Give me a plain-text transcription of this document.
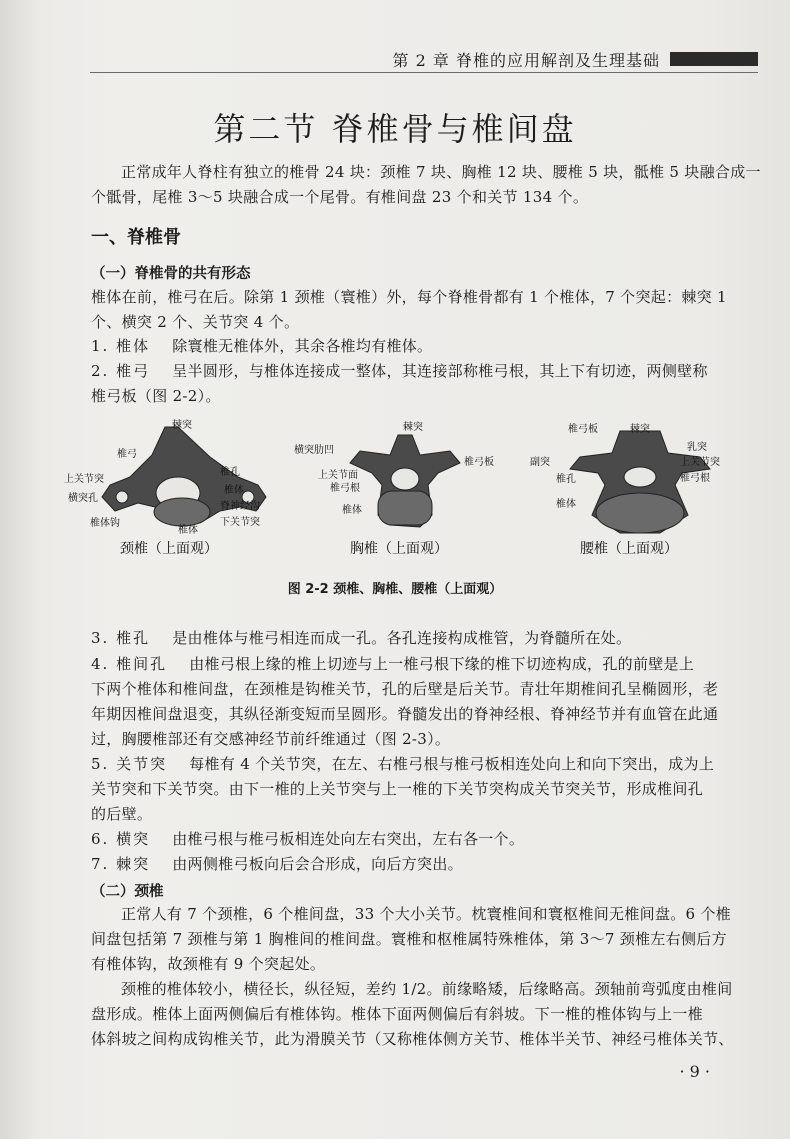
第 2 章 脊椎的应用解剖及生理基础
第二节 脊椎骨与椎间盘
正常成年人脊柱有独立的椎骨 24 块：颈椎 7 块、胸椎 12 块、腰椎 5 块，骶椎 5 块融合成一
个骶骨，尾椎 3～5 块融合成一个尾骨。有椎间盘 23 个和关节 134 个。
一、脊椎骨
（一）脊椎骨的共有形态
椎体在前，椎弓在后。除第 1 颈椎（寰椎）外，每个脊椎骨都有 1 个椎体，7 个突起：棘突 1
个、横突 2 个、关节突 4 个。
1. 椎体 除寰椎无椎体外，其余各椎均有椎体。
2. 椎弓 呈半圆形，与椎体连接成一整体，其连接部称椎弓根，其上下有切迹，两侧壁称
椎弓板（图 2-2）。
棘突
椎弓
上关节突
横突孔
椎体钩
椎孔
椎体
脊神经沟
下关节突
椎体
颈椎（上面观）
棘突
横突肋凹
上关节面
椎弓根
椎体
椎弓板
胸椎（上面观）
椎弓板	棘突
副突
乳突
上关节突
椎孔	椎弓根
椎体
腰椎（上面观）
图 2-2 颈椎、胸椎、腰椎（上面观）
3. 椎孔 是由椎体与椎弓相连而成一孔。各孔连接构成椎管，为脊髓所在处。
4. 椎间孔 由椎弓根上缘的椎上切迹与上一椎弓根下缘的椎下切迹构成，孔的前壁是上
下两个椎体和椎间盘，在颈椎是钩椎关节，孔的后壁是后关节。青壮年期椎间孔呈椭圆形，老
年期因椎间盘退变，其纵径渐变短而呈圆形。脊髓发出的脊神经根、脊神经节并有血管在此通
过，胸腰椎部还有交感神经节前纤维通过（图 2-3）。
5. 关节突 每椎有 4 个关节突，在左、右椎弓根与椎弓板相连处向上和向下突出，成为上
关节突和下关节突。由下一椎的上关节突与上一椎的下关节突构成关节突关节，形成椎间孔
的后壁。
6. 横突 由椎弓根与椎弓板相连处向左右突出，左右各一个。
7. 棘突 由两侧椎弓板向后会合形成，向后方突出。
（二）颈椎
正常人有 7 个颈椎，6 个椎间盘，33 个大小关节。枕寰椎间和寰枢椎间无椎间盘。6 个椎
间盘包括第 7 颈椎与第 1 胸椎间的椎间盘。寰椎和枢椎属特殊椎体，第 3～7 颈椎左右侧后方
有椎体钩，故颈椎有 9 个突起处。
颈椎的椎体较小，横径长，纵径短，差约 1/2。前缘略矮，后缘略高。颈轴前弯弧度由椎间
盘形成。椎体上面两侧偏后有椎体钩。椎体下面两侧偏后有斜坡。下一椎的椎体钩与上一椎
体斜坡之间构成钩椎关节，此为滑膜关节（又称椎体侧方关节、椎体半关节、神经弓椎体关节、
· 9 ·
